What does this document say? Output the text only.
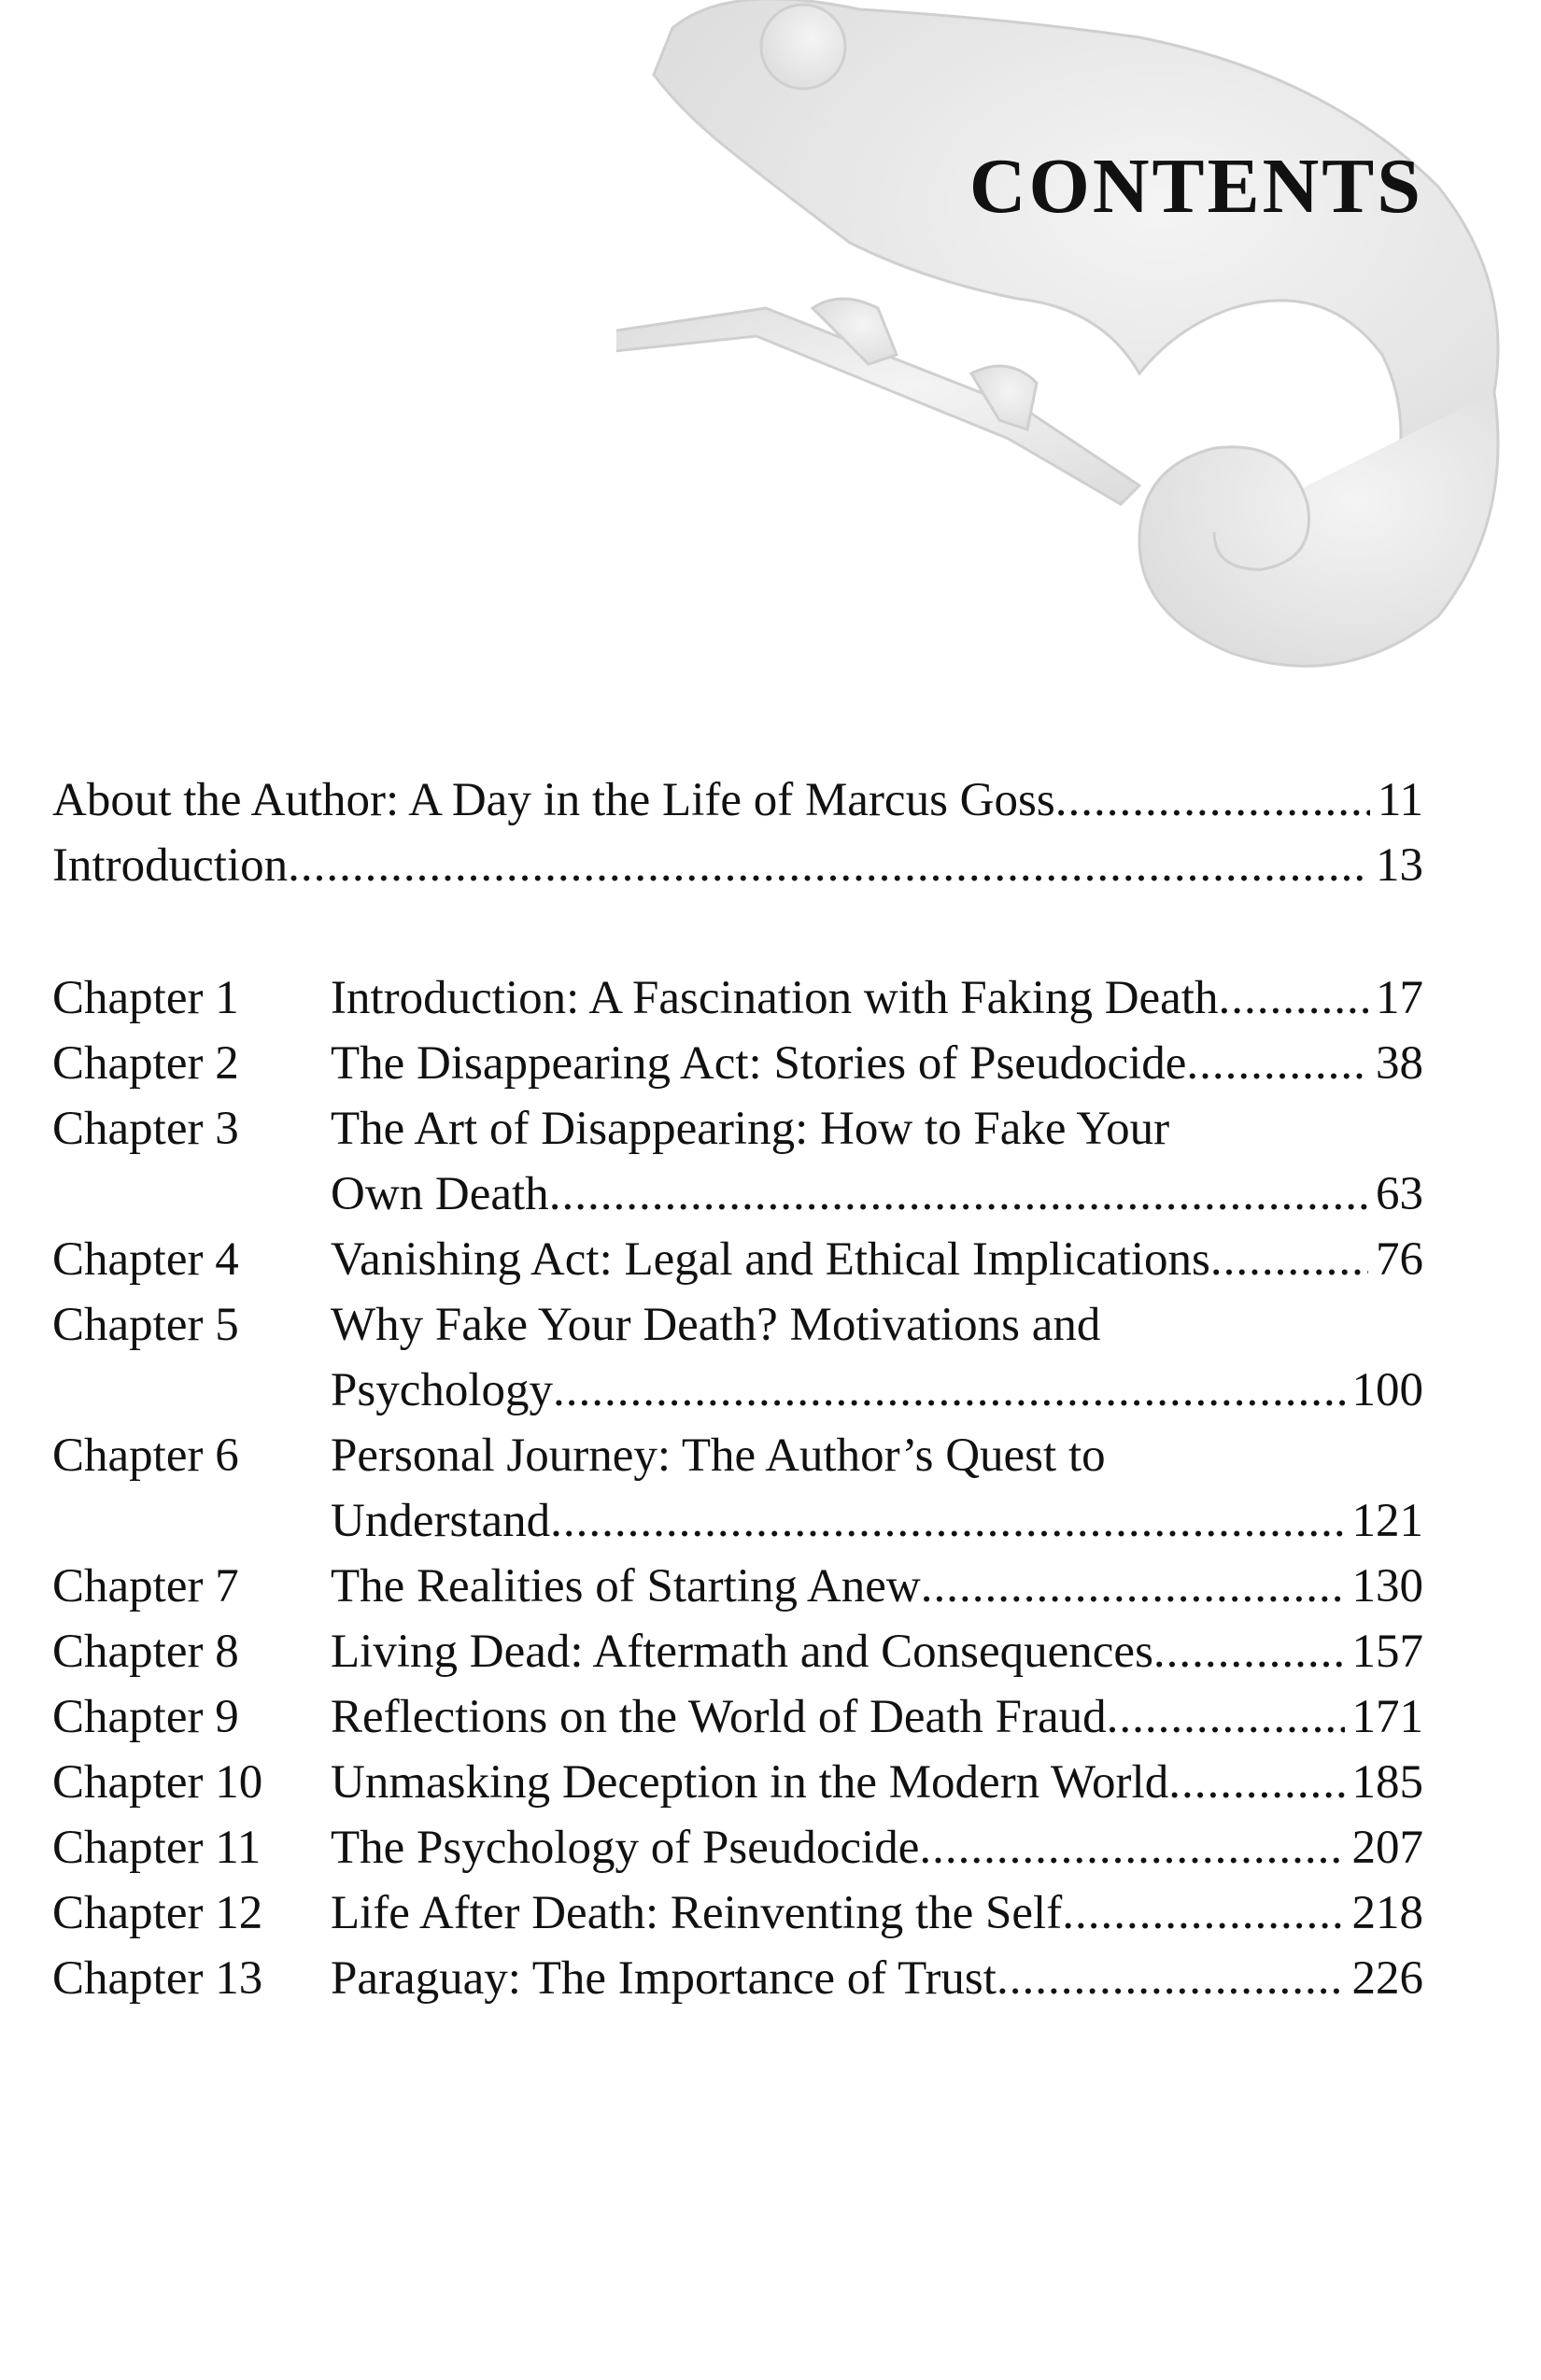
CONTENTS
About the Author: A Day in the Life of Marcus Goss .....	11
Introduction .....	13
Chapter 1	Introduction: A Fascination with Faking Death .....	17
Chapter 2	The Disappearing Act: Stories of Pseudocide .....	38
Chapter 3	The Art of Disappearing: How to Fake Your
Own Death .....	63
Chapter 4	Vanishing Act: Legal and Ethical Implications .....	76
Chapter 5	Why Fake Your Death? Motivations and
Psychology .....	100
Chapter 6	Personal Journey: The Author’s Quest to
Understand .....	121
Chapter 7	The Realities of Starting Anew .....	130
Chapter 8	Living Dead: Aftermath and Consequences .....	157
Chapter 9	Reflections on the World of Death Fraud .....	171
Chapter 10	Unmasking Deception in the Modern World .....	185
Chapter 11	The Psychology of Pseudocide .....	207
Chapter 12	Life After Death: Reinventing the Self .....	218
Chapter 13	Paraguay: The Importance of Trust .....	226
